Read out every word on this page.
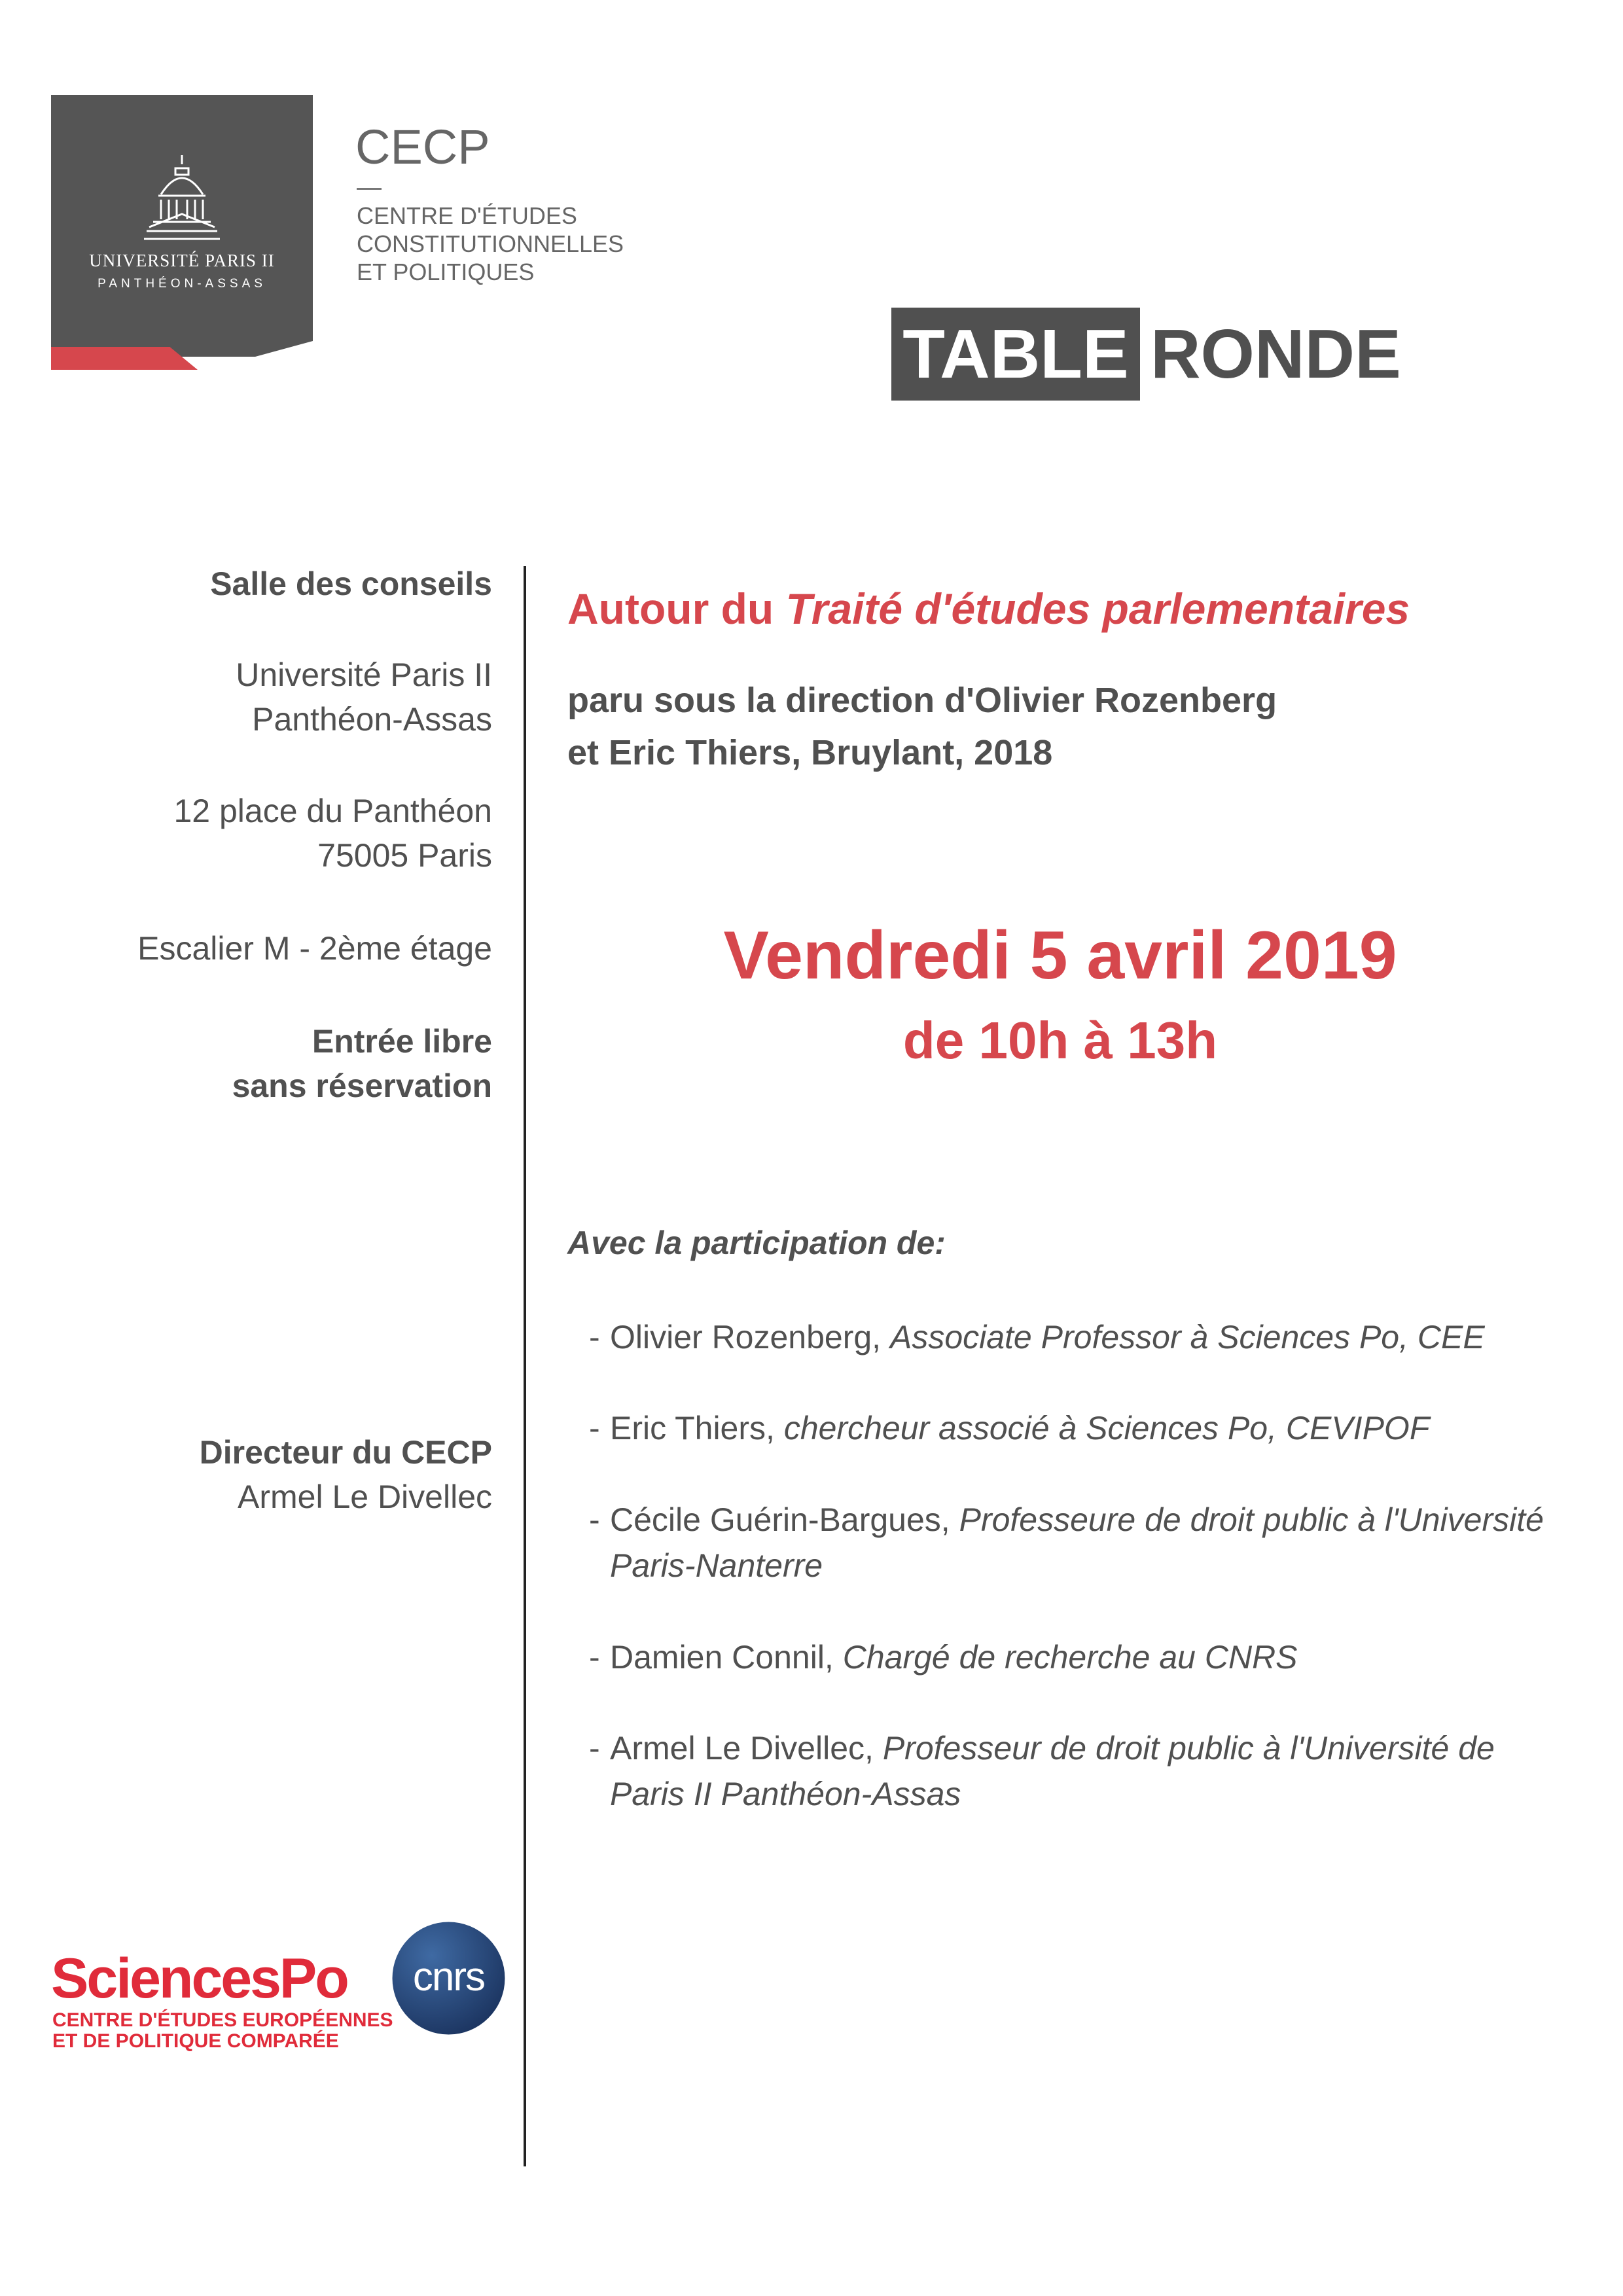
UNIVERSITÉ PARIS II
PANTHÉON-ASSAS
CECP
CENTRE D'ÉTUDES
CONSTITUTIONNELLES
ET POLITIQUES
TABLE RONDE
Salle des conseils
Université Paris II
Panthéon-Assas
12 place du Panthéon
75005 Paris
Escalier M - 2ème étage
Entrée libre
sans réservation
Directeur du CECP
Armel Le Divellec
Autour du Traité d'études parlementaires
paru sous la direction d'Olivier Rozenberg
et Eric Thiers, Bruylant, 2018
Vendredi 5 avril 2019
de 10h à 13h
Avec la participation de:
- Olivier Rozenberg, Associate Professor à Sciences Po, CEE
- Eric Thiers, chercheur associé à Sciences Po, CEVIPOF
- Cécile Guérin-Bargues, Professeure de droit public à l'Université
Paris-Nanterre
- Damien Connil, Chargé de recherche au CNRS
- Armel Le Divellec, Professeur de droit public à l'Université de
Paris II Panthéon-Assas
SciencesPo
CENTRE D'ÉTUDES EUROPÉENNES
ET DE POLITIQUE COMPARÉE
cnrs
